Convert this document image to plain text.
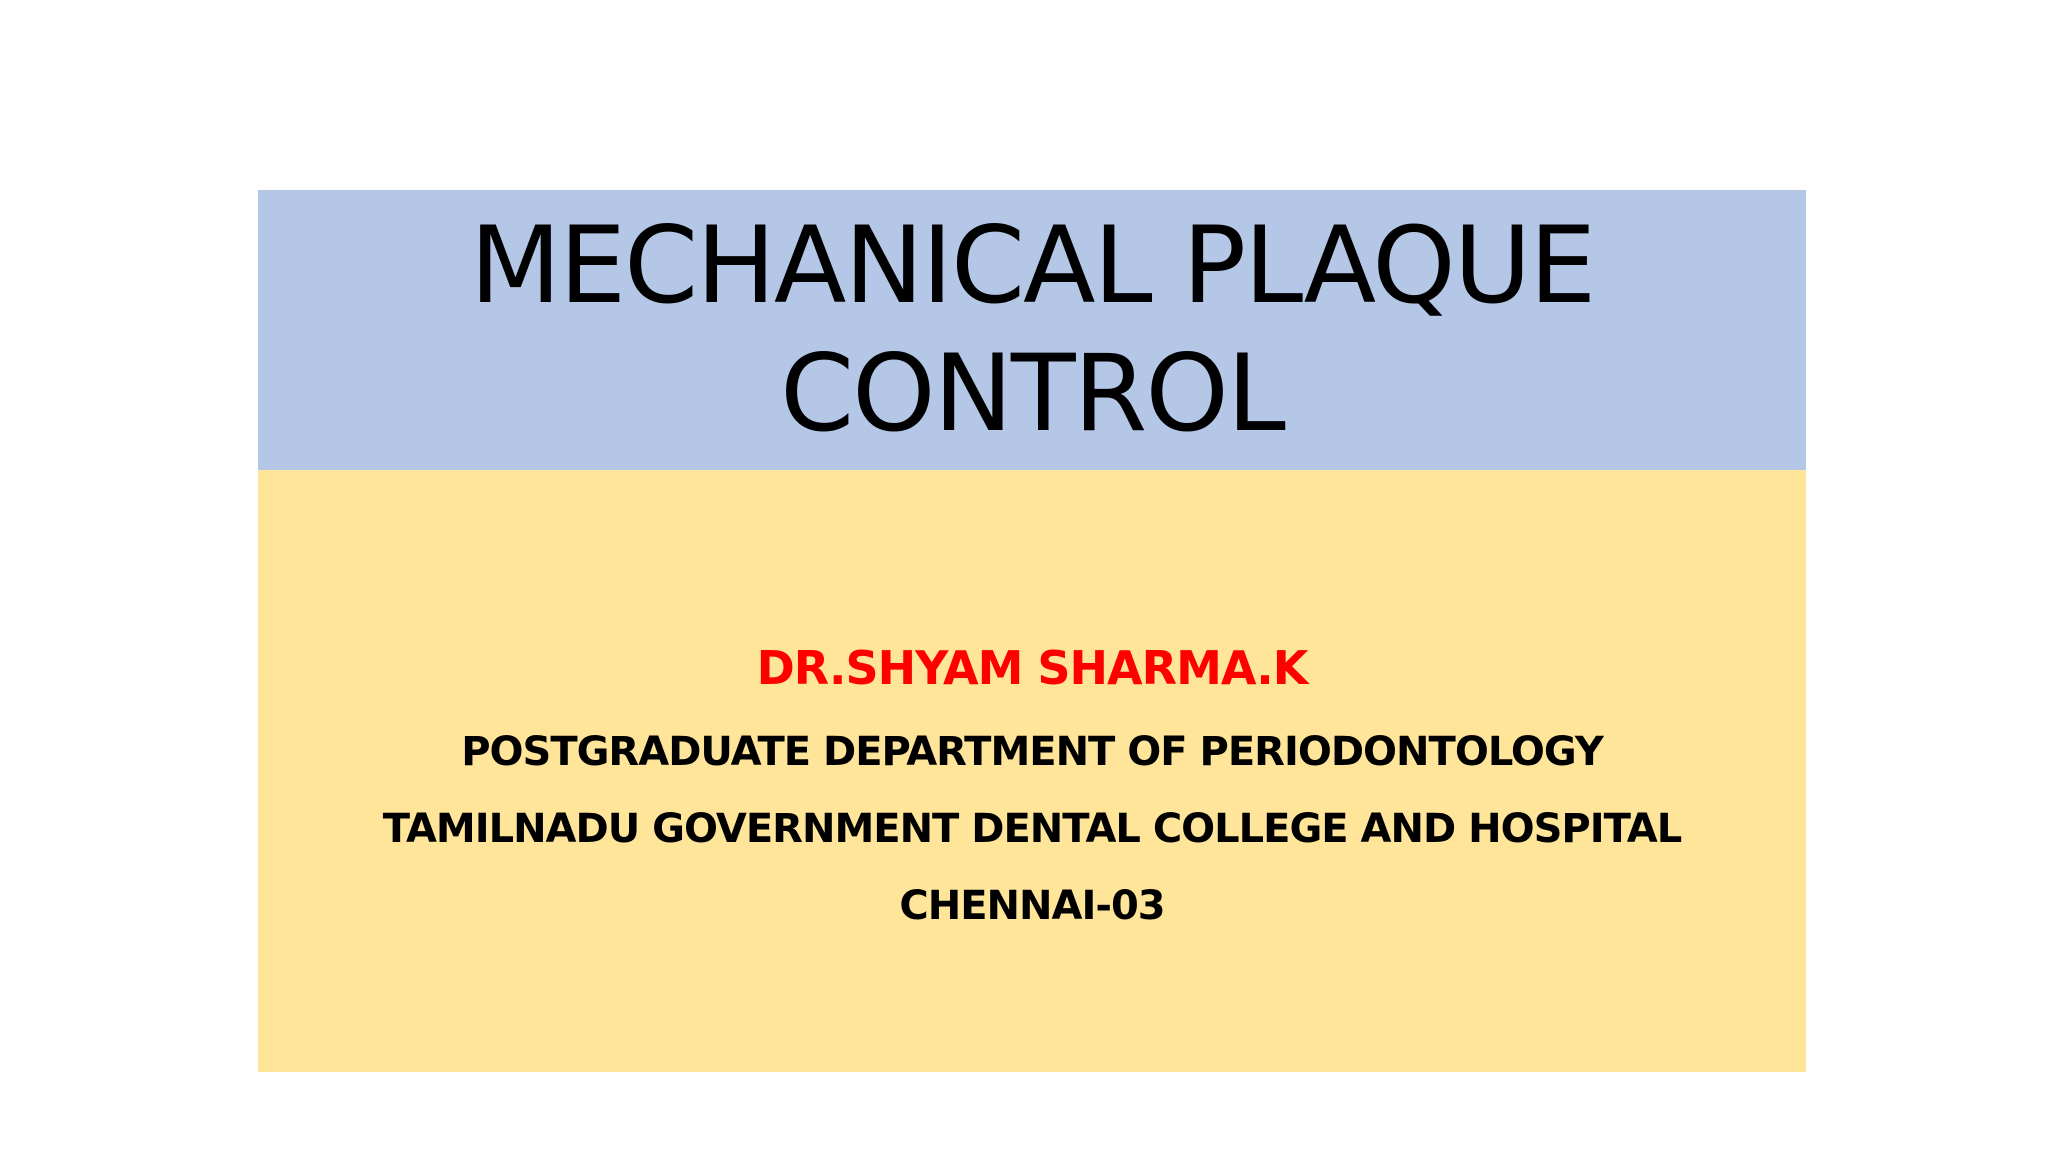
MECHANICAL PLAQUE
CONTROL
DR.SHYAM SHARMA.K
POSTGRADUATE DEPARTMENT OF PERIODONTOLOGY
TAMILNADU GOVERNMENT DENTAL COLLEGE AND HOSPITAL
CHENNAI-03
